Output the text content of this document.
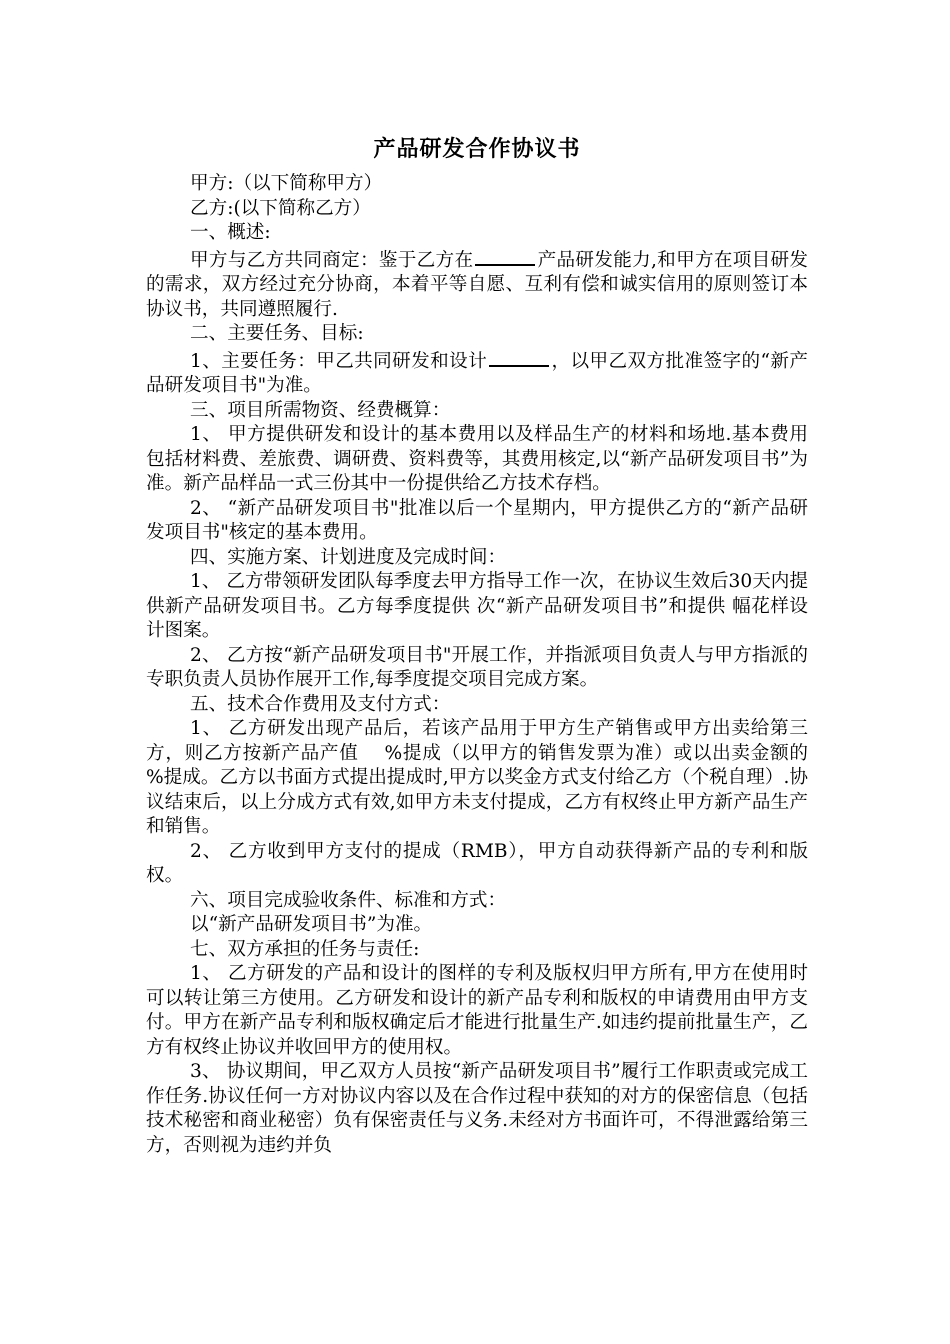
产品研发合作协议书

甲方:（以下简称甲方）

乙方:(以下简称乙方）

一、概述:

甲方与乙方共同商定：鉴于乙方在	产品研发能力,和甲方在项目研发的需求，双方经过充分协商，本着平等自愿、互利有偿和诚实信用的原则签订本协议书，共同遵照履行.

二、主要任务、目标:

1、主要任务：甲乙共同研发和设计	，以甲乙双方批准签字的“新产品研发项目书"为准。

三、项目所需物资、经费概算：

1、 甲方提供研发和设计的基本费用以及样品生产的材料和场地.基本费用包括材料费、差旅费、调研费、资料费等，其费用核定,以“新产品研发项目书”为准。新产品样品一式三份其中一份提供给乙方技术存档。

2、 “新产品研发项目书"批准以后一个星期内，甲方提供乙方的“新产品研发项目书"核定的基本费用。

四、实施方案、计划进度及完成时间：

1、 乙方带领研发团队每季度去甲方指导工作一次，在协议生效后30天内提供新产品研发项目书。乙方每季度提供 次“新产品研发项目书”和提供 幅花样设计图案。

2、 乙方按“新产品研发项目书"开展工作，并指派项目负责人与甲方指派的专职负责人员协作展开工作,每季度提交项目完成方案。

五、技术合作费用及支付方式：

1、 乙方研发出现产品后，若该产品用于甲方生产销售或甲方出卖给第三方，则乙方按新产品产值　 %提成（以甲方的销售发票为准）或以出卖金额的　 %提成。乙方以书面方式提出提成时,甲方以奖金方式支付给乙方（个税自理）.协议结束后，以上分成方式有效,如甲方未支付提成，乙方有权终止甲方新产品生产和销售。

2、 乙方收到甲方支付的提成（RMB），甲方自动获得新产品的专利和版权。

六、项目完成验收条件、标准和方式：

以“新产品研发项目书”为准。

七、双方承担的任务与责任:

1、 乙方研发的产品和设计的图样的专利及版权归甲方所有,甲方在使用时可以转让第三方使用。乙方研发和设计的新产品专利和版权的申请费用由甲方支付。甲方在新产品专利和版权确定后才能进行批量生产.如违约提前批量生产，乙方有权终止协议并收回甲方的使用权。

3、 协议期间，甲乙双方人员按“新产品研发项目书”履行工作职责或完成工作任务.协议任何一方对协议内容以及在合作过程中获知的对方的保密信息（包括技术秘密和商业秘密）负有保密责任与义务.未经对方书面许可，不得泄露给第三方，否则视为违约并负
